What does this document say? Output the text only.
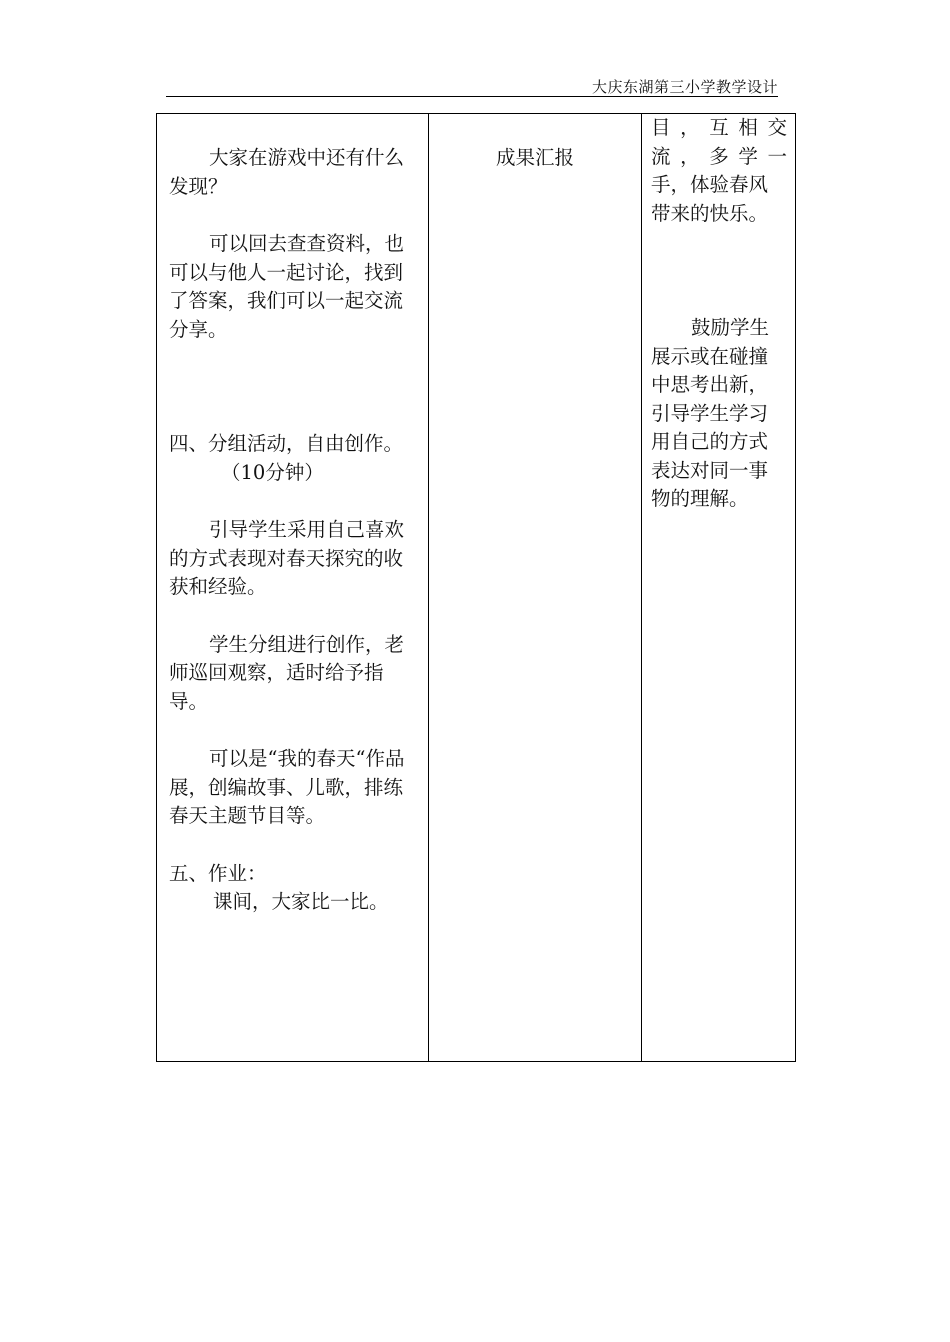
大庆东湖第三小学教学设计

大家在游戏中还有什么发现？

可以回去查查资料，也可以与他人一起讨论，找到了答案，我们可以一起交流分享。

四、分组活动，自由创作。

（10分钟）

引导学生采用自己喜欢的方式表现对春天探究的收获和经验。

学生分组进行创作，老师巡回观察，适时给予指导。

可以是“我的春天“作品展，创编故事、儿歌，排练春天主题节目等。

五、作业：

课间，大家比一比。

成果汇报

目，互相交
流，多学一

手，体验春风带来的快乐。

鼓励学生展示或在碰撞中思考出新，引导学生学习用自己的方式表达对同一事物的理解。
